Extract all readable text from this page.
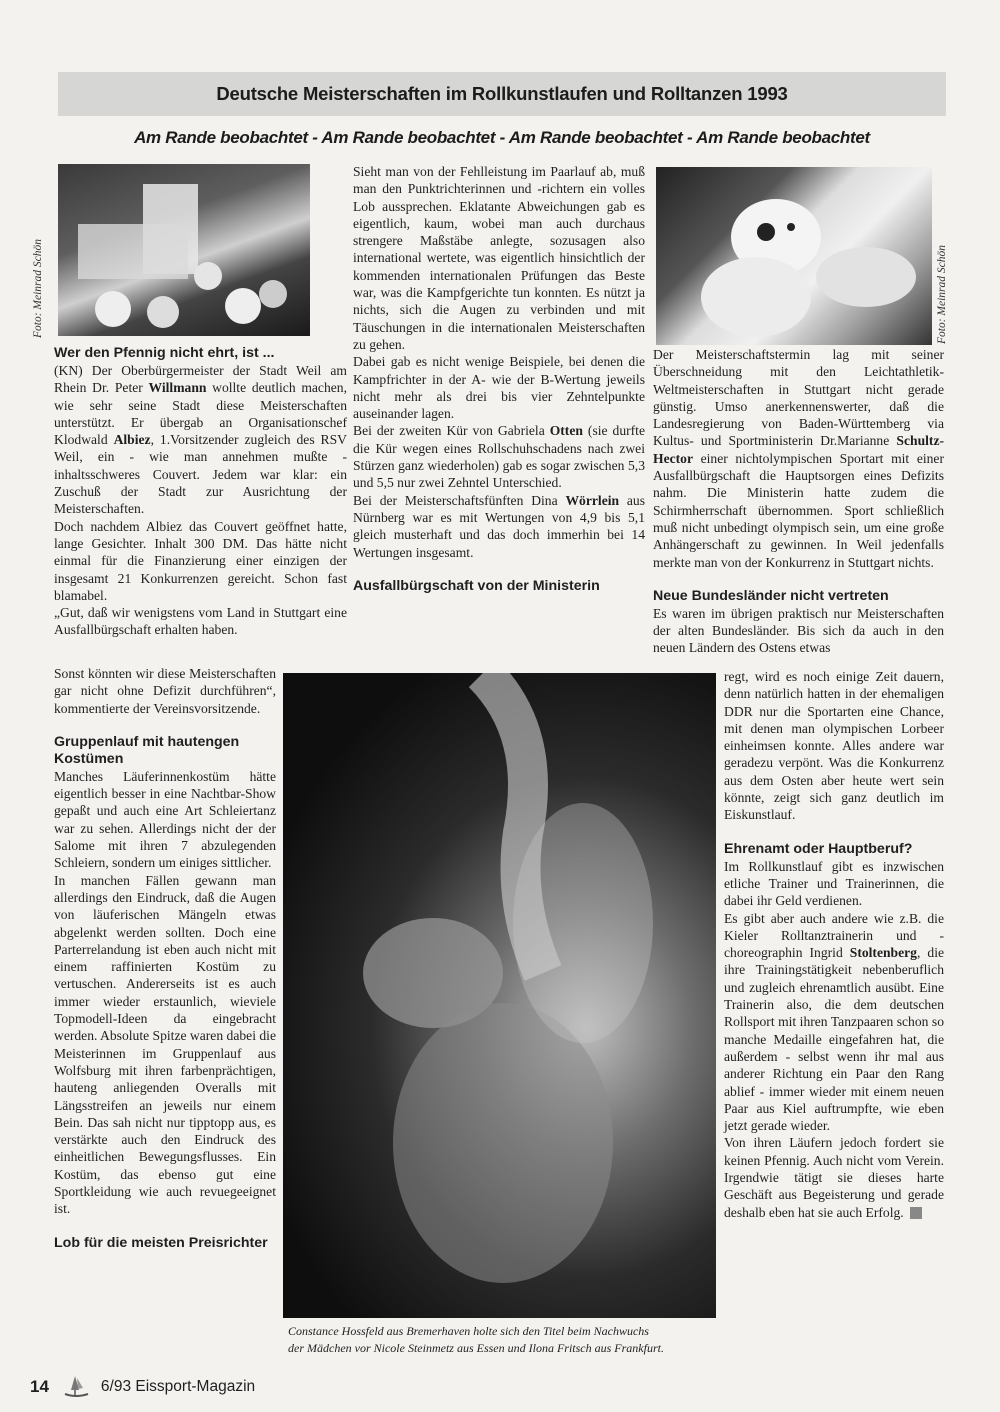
Deutsche Meisterschaften im Rollkunstlaufen und Rolltanzen 1993
Am Rande beobachtet - Am Rande beobachtet - Am Rande beobachtet - Am Rande beobachtet
Foto: Meinrad Schön	Foto: Meinrad Schön
Constance Hossfeld aus Bremerhaven holte sich den Titel beim Nachwuchs
der Mädchen vor Nicole Steinmetz aus Essen und Ilona Fritsch aus Frankfurt.
Wer den Pfennig nicht ehrt, ist ...

(KN) Der Oberbürgermeister der Stadt Weil am Rhein Dr. Peter Willmann wollte deutlich machen, wie sehr seine Stadt diese Meisterschaften unterstützt. Er übergab an Organisationschef Klodwald Albiez, 1.Vorsitzender zugleich des RSV Weil, ein - wie man annehmen mußte - inhaltsschweres Couvert. Jedem war klar: ein Zuschuß der Stadt zur Ausrichtung der Meisterschaften.

Doch nachdem Albiez das Couvert geöffnet hatte, lange Gesichter. Inhalt 300 DM. Das hätte nicht einmal für die Finanzierung einer einzigen der insgesamt 21 Konkurrenzen gereicht. Schon fast blamabel.

„Gut, daß wir wenigstens vom Land in Stuttgart eine Ausfallbürgschaft erhalten haben.

Sonst könnten wir diese Meisterschaften gar nicht ohne Defizit durchführen“, kommentierte der Vereinsvorsitzende.

Gruppenlauf mit hautengen Kostümen

Manches Läuferinnenkostüm hätte eigentlich besser in eine Nachtbar-Show gepaßt und auch eine Art Schleiertanz war zu sehen. Allerdings nicht der der Salome mit ihren 7 abzulegenden Schleiern, sondern um einiges sittlicher.

In manchen Fällen gewann man allerdings den Eindruck, daß die Augen von läuferischen Mängeln etwas abgelenkt werden sollten. Doch eine Parterrelandung ist eben auch nicht mit einem raffinierten Kostüm zu vertuschen. Andererseits ist es auch immer wieder erstaunlich, wieviele Topmodell-Ideen da eingebracht werden. Absolute Spitze waren dabei die Meisterinnen im Gruppenlauf aus Wolfsburg mit ihren farbenprächtigen, hauteng anliegenden Overalls mit Längsstreifen an jeweils nur einem Bein. Das sah nicht nur tipptopp aus, es verstärkte auch den Eindruck des einheitlichen Bewegungsflusses. Ein Kostüm, das ebenso gut eine Sportkleidung wie auch revuegeeignet ist.

Lob für die meisten Preisrichter

Sieht man von der Fehlleistung im Paarlauf ab, muß man den Punktrichterinnen und -richtern ein volles Lob aussprechen. Eklatante Abweichungen gab es eigentlich, kaum, wobei man auch durchaus strengere Maßstäbe anlegte, sozusagen also international wertete, was eigentlich hinsichtlich der kommenden internationalen Prüfungen das Beste war, was die Kampfgerichte tun konnten. Es nützt ja nichts, sich die Augen zu verbinden und mit Täuschungen in die internationalen Meisterschaften zu gehen.

Dabei gab es nicht wenige Beispiele, bei denen die Kampfrichter in der A- wie der B-Wertung jeweils nicht mehr als drei bis vier Zehntelpunkte auseinander lagen.

Bei der zweiten Kür von Gabriela Otten (sie durfte die Kür wegen eines Rollschuhschadens nach zwei Stürzen ganz wiederholen) gab es sogar zwischen 5,3 und 5,5 nur zwei Zehntel Unterschied.

Bei der Meisterschaftsfünften Dina Wörrlein aus Nürnberg war es mit Wertungen von 4,9 bis 5,1 gleich musterhaft und das doch immerhin bei 14 Wertungen insgesamt.

Ausfallbürgschaft von der Ministerin

Der Meisterschaftstermin lag mit seiner Überschneidung mit den Leichtathletik-Weltmeisterschaften in Stuttgart nicht gerade günstig. Umso anerkennenswerter, daß die Landesregierung von Baden-Württemberg via Kultus- und Sportministerin Dr.Marianne Schultz-Hector einer nichtolympischen Sportart mit einer Ausfallbürgschaft die Hauptsorgen eines Defizits nahm. Die Ministerin hatte zudem die Schirmherrschaft übernommen. Sport schließlich muß nicht unbedingt olympisch sein, um eine große Anhängerschaft zu gewinnen. In Weil jedenfalls merkte man von der Konkurrenz in Stuttgart nichts.

Neue Bundesländer nicht vertreten

Es waren im übrigen praktisch nur Meisterschaften der alten Bundesländer. Bis sich da auch in den neuen Ländern des Ostens etwas

regt, wird es noch einige Zeit dauern, denn natürlich hatten in der ehemaligen DDR nur die Sportarten eine Chance, mit denen man olympischen Lorbeer einheimsen konnte. Alles andere war geradezu verpönt. Was die Konkurrenz aus dem Osten aber heute wert sein könnte, zeigt sich ganz deutlich im Eiskunstlauf.

Ehrenamt oder Hauptberuf?

Im Rollkunstlauf gibt es inzwischen etliche Trainer und Trainerinnen, die dabei ihr Geld verdienen.

Es gibt aber auch andere wie z.B. die Kieler Rolltanztrainerin und -choreographin Ingrid Stoltenberg, die ihre Trainingstätigkeit nebenberuflich und zugleich ehrenamtlich ausübt. Eine Trainerin also, die dem deutschen Rollsport mit ihren Tanzpaaren schon so manche Medaille eingefahren hat, die außerdem - selbst wenn ihr mal aus anderer Richtung ein Paar den Rang ablief - immer wieder mit einem neuen Paar aus Kiel auftrumpfte, wie eben jetzt gerade wieder.

Von ihren Läufern jedoch fordert sie keinen Pfennig. Auch nicht vom Verein. Irgendwie tätigt sie dieses harte Geschäft aus Begeisterung und gerade deshalb eben hat sie auch Erfolg.

14	6/93 Eissport-Magazin
